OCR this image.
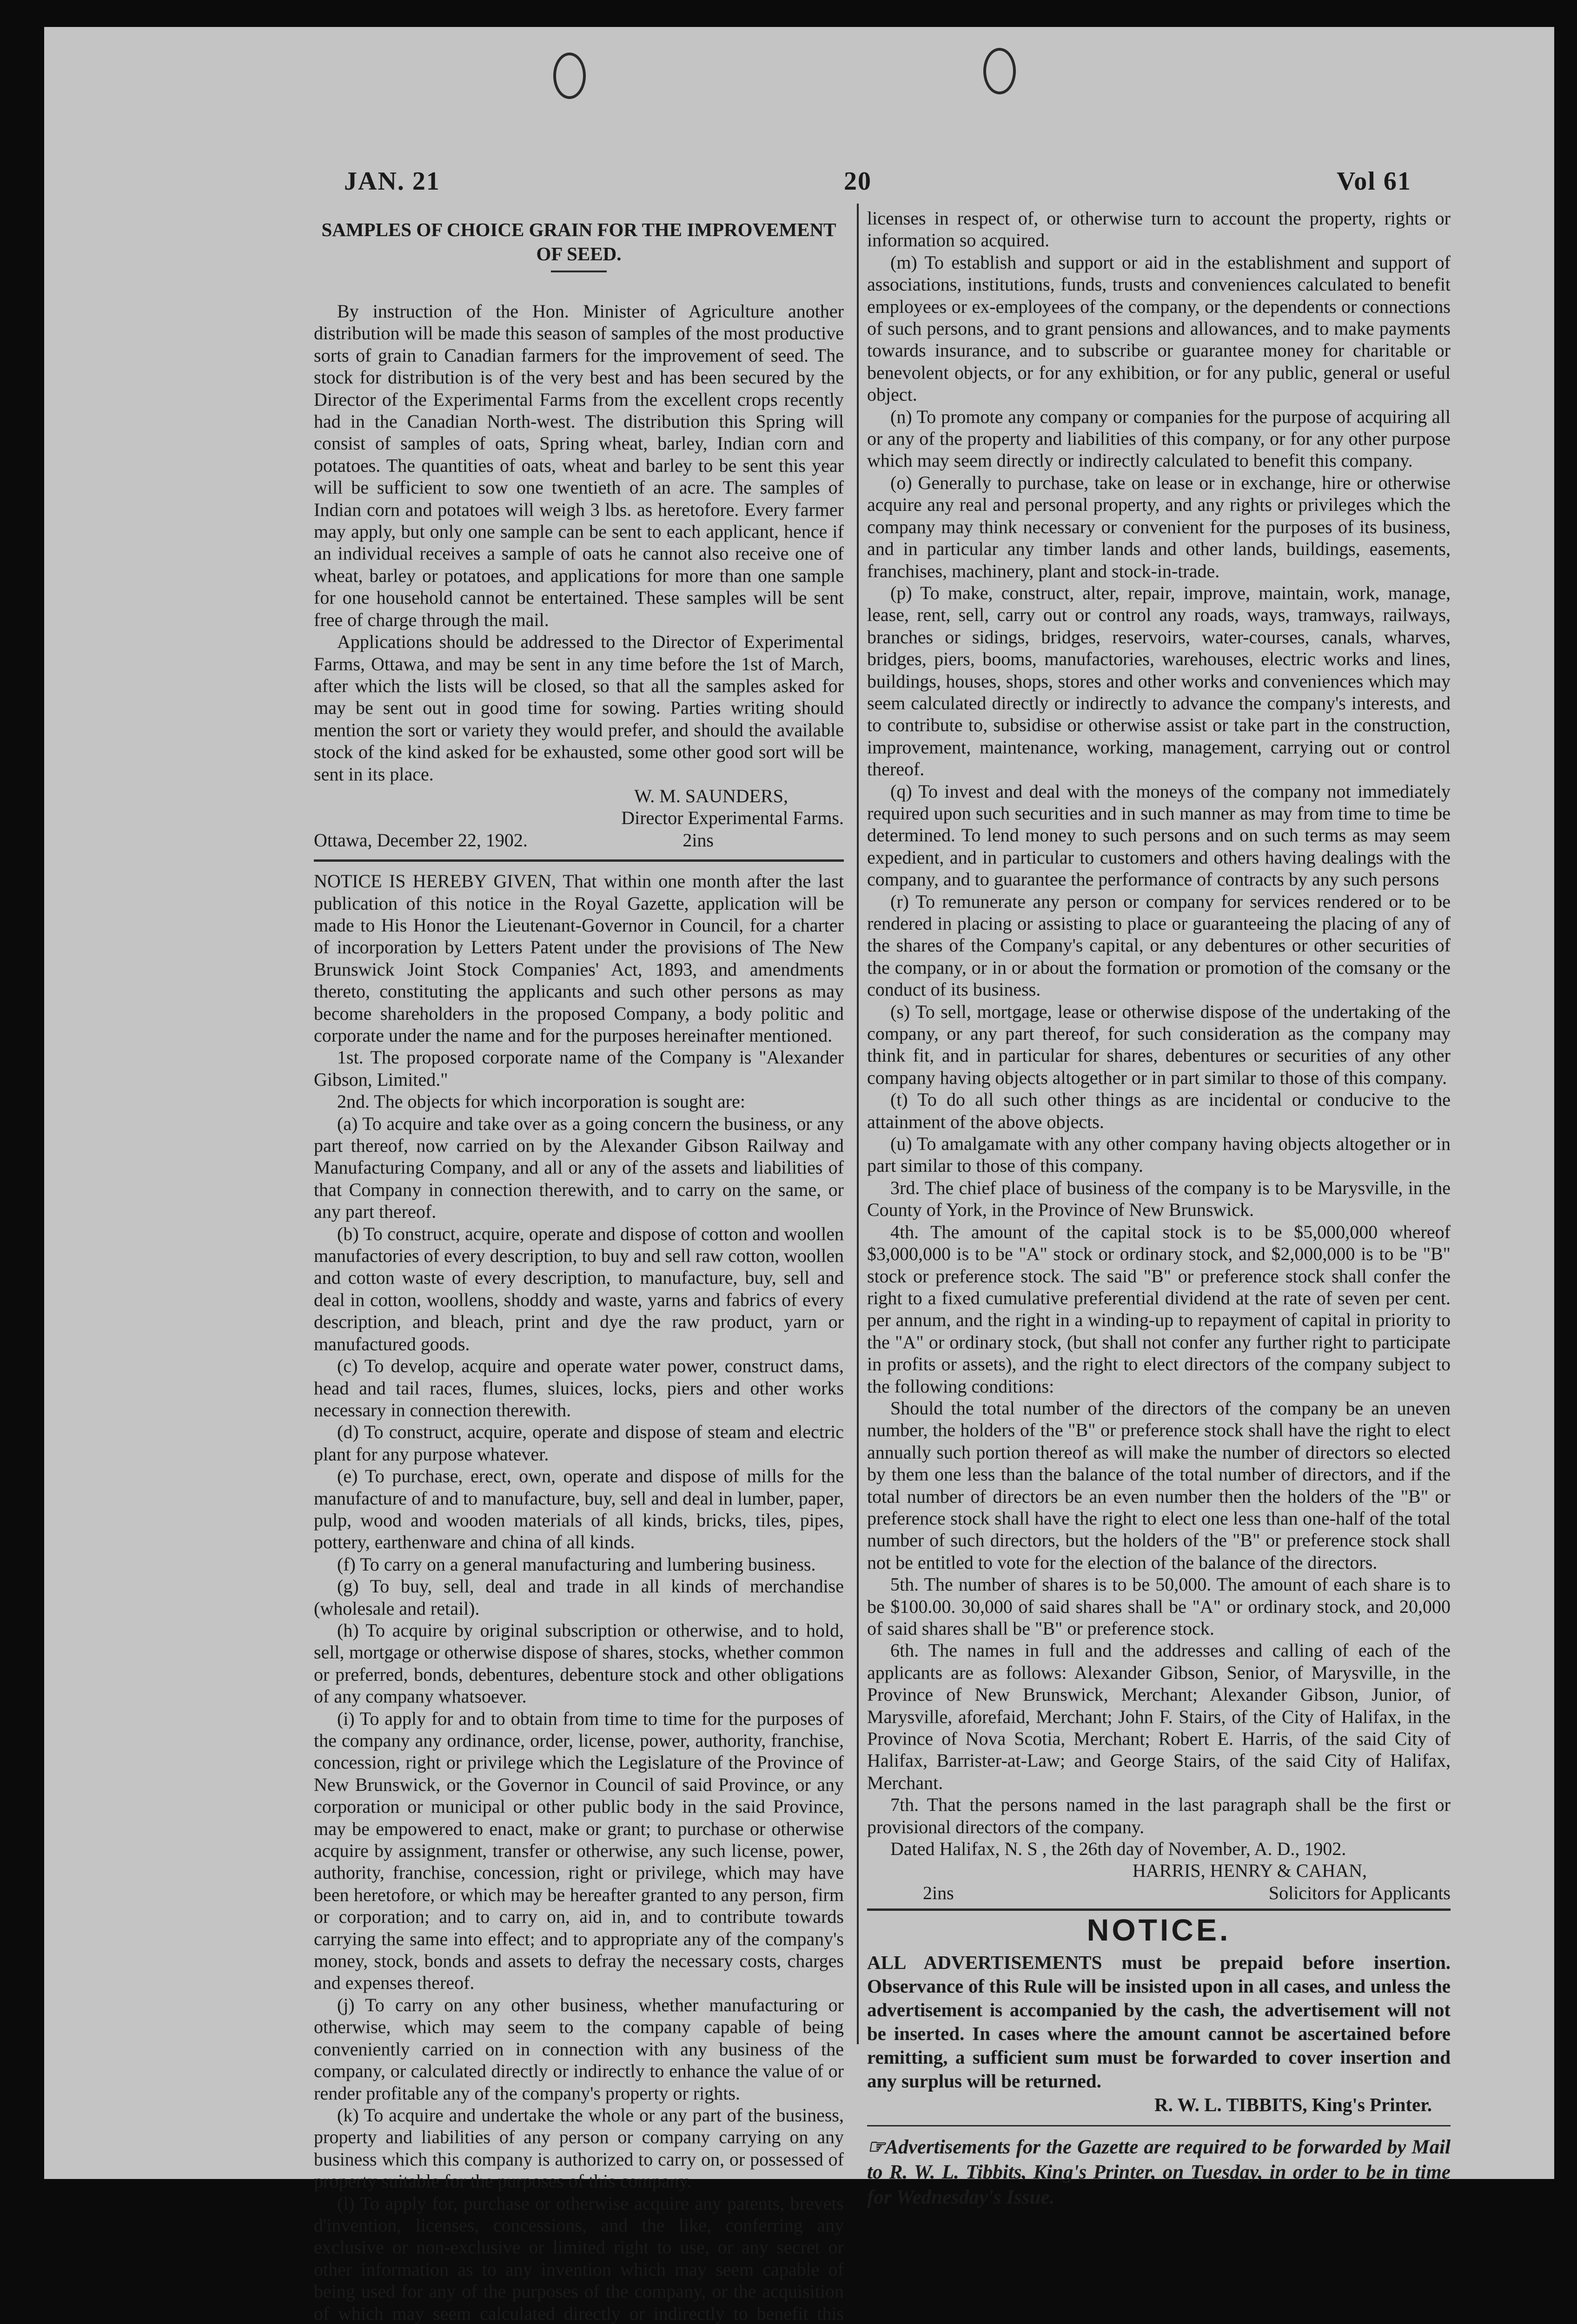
JAN. 21	20	Vol 61
SAMPLES OF CHOICE GRAIN FOR THE IMPROVEMENT OF SEED.

By instruction of the Hon. Minister of Agriculture another distribution will be made this season of samples of the most productive sorts of grain to Canadian farmers for the improvement of seed. The stock for distribution is of the very best and has been secured by the Director of the Experimental Farms from the excellent crops recently had in the Canadian North-west. The distribution this Spring will consist of samples of oats, Spring wheat, barley, Indian corn and potatoes. The quantities of oats, wheat and barley to be sent this year will be sufficient to sow one twentieth of an acre. The samples of Indian corn and potatoes will weigh 3 lbs. as heretofore. Every farmer may apply, but only one sample can be sent to each applicant, hence if an individual receives a sample of oats he cannot also receive one of wheat, barley or potatoes, and applications for more than one sample for one household cannot be entertained. These samples will be sent free of charge through the mail.

Applications should be addressed to the Director of Experimental Farms, Ottawa, and may be sent in any time before the 1st of March, after which the lists will be closed, so that all the samples asked for may be sent out in good time for sowing. Parties writing should mention the sort or variety they would prefer, and should the available stock of the kind asked for be exhausted, some other good sort will be sent in its place.

W. M. SAUNDERS,

Director Experimental Farms.

Ottawa, December 22, 1902.	2ins

NOTICE IS HEREBY GIVEN, That within one month after the last publication of this notice in the Royal Gazette, application will be made to His Honor the Lieutenant-Governor in Council, for a charter of incorporation by Letters Patent under the provisions of The New Brunswick Joint Stock Companies' Act, 1893, and amendments thereto, constituting the applicants and such other persons as may become shareholders in the proposed Company, a body politic and corporate under the name and for the purposes hereinafter mentioned.

1st. The proposed corporate name of the Company is "Alexander Gibson, Limited."

2nd. The objects for which incorporation is sought are:

(a) To acquire and take over as a going concern the business, or any part thereof, now carried on by the Alexander Gibson Railway and Manufacturing Company, and all or any of the assets and liabilities of that Company in connection therewith, and to carry on the same, or any part thereof.

(b) To construct, acquire, operate and dispose of cotton and woollen manufactories of every description, to buy and sell raw cotton, woollen and cotton waste of every description, to manufacture, buy, sell and deal in cotton, woollens, shoddy and waste, yarns and fabrics of every description, and bleach, print and dye the raw product, yarn or manufactured goods.

(c) To develop, acquire and operate water power, construct dams, head and tail races, flumes, sluices, locks, piers and other works necessary in connection therewith.

(d) To construct, acquire, operate and dispose of steam and electric plant for any purpose whatever.

(e) To purchase, erect, own, operate and dispose of mills for the manufacture of and to manufacture, buy, sell and deal in lumber, paper, pulp, wood and wooden materials of all kinds, bricks, tiles, pipes, pottery, earthenware and china of all kinds.

(f) To carry on a general manufacturing and lumbering business.

(g) To buy, sell, deal and trade in all kinds of merchandise (wholesale and retail).

(h) To acquire by original subscription or otherwise, and to hold, sell, mortgage or otherwise dispose of shares, stocks, whether common or preferred, bonds, debentures, debenture stock and other obligations of any company whatsoever.

(i) To apply for and to obtain from time to time for the purposes of the company any ordinance, order, license, power, authority, franchise, concession, right or privilege which the Legislature of the Province of New Brunswick, or the Governor in Council of said Province, or any corporation or municipal or other public body in the said Province, may be empowered to enact, make or grant; to purchase or otherwise acquire by assignment, transfer or otherwise, any such license, power, authority, franchise, concession, right or privilege, which may have been heretofore, or which may be hereafter granted to any person, firm or corporation; and to carry on, aid in, and to contribute towards carrying the same into effect; and to appropriate any of the company's money, stock, bonds and assets to defray the necessary costs, charges and expenses thereof.

(j) To carry on any other business, whether manufacturing or otherwise, which may seem to the company capable of being conveniently carried on in connection with any business of the company, or calculated directly or indirectly to enhance the value of or render profitable any of the company's property or rights.

(k) To acquire and undertake the whole or any part of the business, property and liabilities of any person or company carrying on any business which this company is authorized to carry on, or possessed of property suitable for the purposes of this company.

(l) To apply for, purchase or otherwise acquire any patents, brevets d'invention, licenses, concessions, and the like, conferring any exclusive or non-exclusive or limited right to use, or any secret or other information as to any invention which may seem capable of being used for any of the purposes of the company, or the acquisition of which may seem calculated directly or indirectly to benefit this

licenses in respect of, or otherwise turn to account the property, rights or information so acquired.

(m) To establish and support or aid in the establishment and support of associations, institutions, funds, trusts and conveniences calculated to benefit employees or ex-employees of the company, or the dependents or connections of such persons, and to grant pensions and allowances, and to make payments towards insurance, and to subscribe or guarantee money for charitable or benevolent objects, or for any exhibition, or for any public, general or useful object.

(n) To promote any company or companies for the purpose of acquiring all or any of the property and liabilities of this company, or for any other purpose which may seem directly or indirectly calculated to benefit this company.

(o) Generally to purchase, take on lease or in exchange, hire or otherwise acquire any real and personal property, and any rights or privileges which the company may think necessary or convenient for the purposes of its business, and in particular any timber lands and other lands, buildings, easements, franchises, machinery, plant and stock-in-trade.

(p) To make, construct, alter, repair, improve, maintain, work, manage, lease, rent, sell, carry out or control any roads, ways, tramways, railways, branches or sidings, bridges, reservoirs, water-courses, canals, wharves, bridges, piers, booms, manufactories, warehouses, electric works and lines, buildings, houses, shops, stores and other works and conveniences which may seem calculated directly or indirectly to advance the company's interests, and to contribute to, subsidise or otherwise assist or take part in the construction, improvement, maintenance, working, management, carrying out or control thereof.

(q) To invest and deal with the moneys of the company not immediately required upon such securities and in such manner as may from time to time be determined. To lend money to such persons and on such terms as may seem expedient, and in particular to customers and others having dealings with the company, and to guarantee the performance of contracts by any such persons

(r) To remunerate any person or company for services rendered or to be rendered in placing or assisting to place or guaranteeing the placing of any of the shares of the Company's capital, or any debentures or other securities of the company, or in or about the formation or promotion of the comsany or the conduct of its business.

(s) To sell, mortgage, lease or otherwise dispose of the undertaking of the company, or any part thereof, for such consideration as the company may think fit, and in particular for shares, debentures or securities of any other company having objects altogether or in part similar to those of this company.

(t) To do all such other things as are incidental or conducive to the attainment of the above objects.

(u) To amalgamate with any other company having objects altogether or in part similar to those of this company.

3rd. The chief place of business of the company is to be Marysville, in the County of York, in the Province of New Brunswick.

4th. The amount of the capital stock is to be $5,000,000 whereof $3,000,000 is to be "A" stock or ordinary stock, and $2,000,000 is to be "B" stock or preference stock. The said "B" or preference stock shall confer the right to a fixed cumulative preferential dividend at the rate of seven per cent. per annum, and the right in a winding-up to repayment of capital in priority to the "A" or ordinary stock, (but shall not confer any further right to participate in profits or assets), and the right to elect directors of the company subject to the following conditions:

Should the total number of the directors of the company be an uneven number, the holders of the "B" or preference stock shall have the right to elect annually such portion thereof as will make the number of directors so elected by them one less than the balance of the total number of directors, and if the total number of directors be an even number then the holders of the "B" or preference stock shall have the right to elect one less than one-half of the total number of such directors, but the holders of the "B" or preference stock shall not be entitled to vote for the election of the balance of the directors.

5th. The number of shares is to be 50,000. The amount of each share is to be $100.00. 30,000 of said shares shall be "A" or ordinary stock, and 20,000 of said shares shall be "B" or preference stock.

6th. The names in full and the addresses and calling of each of the applicants are as follows: Alexander Gibson, Senior, of Marysville, in the Province of New Brunswick, Merchant; Alexander Gibson, Junior, of Marysville, aforefaid, Merchant; John F. Stairs, of the City of Halifax, in the Province of Nova Scotia, Merchant; Robert E. Harris, of the said City of Halifax, Barrister-at-Law; and George Stairs, of the said City of Halifax, Merchant.

7th. That the persons named in the last paragraph shall be the first or provisional directors of the company.

Dated Halifax, N. S , the 26th day of November, A. D., 1902.

HARRIS, HENRY & CAHAN,

2ins	Solicitors for Applicants
NOTICE.

ALL ADVERTISEMENTS must be prepaid before insertion. Observance of this Rule will be insisted upon in all cases, and unless the advertisement is accompanied by the cash, the advertisement will not be inserted. In cases where the amount cannot be ascertained before remitting, a sufficient sum must be forwarded to cover insertion and any surplus will be returned.

R. W. L. TIBBITS, King's Printer.

☞Advertisements for the Gazette are required to be forwarded by Mail to R. W. L. Tibbits, King's Printer, on Tuesday, in order to be in time for Wednesday's Issue.
